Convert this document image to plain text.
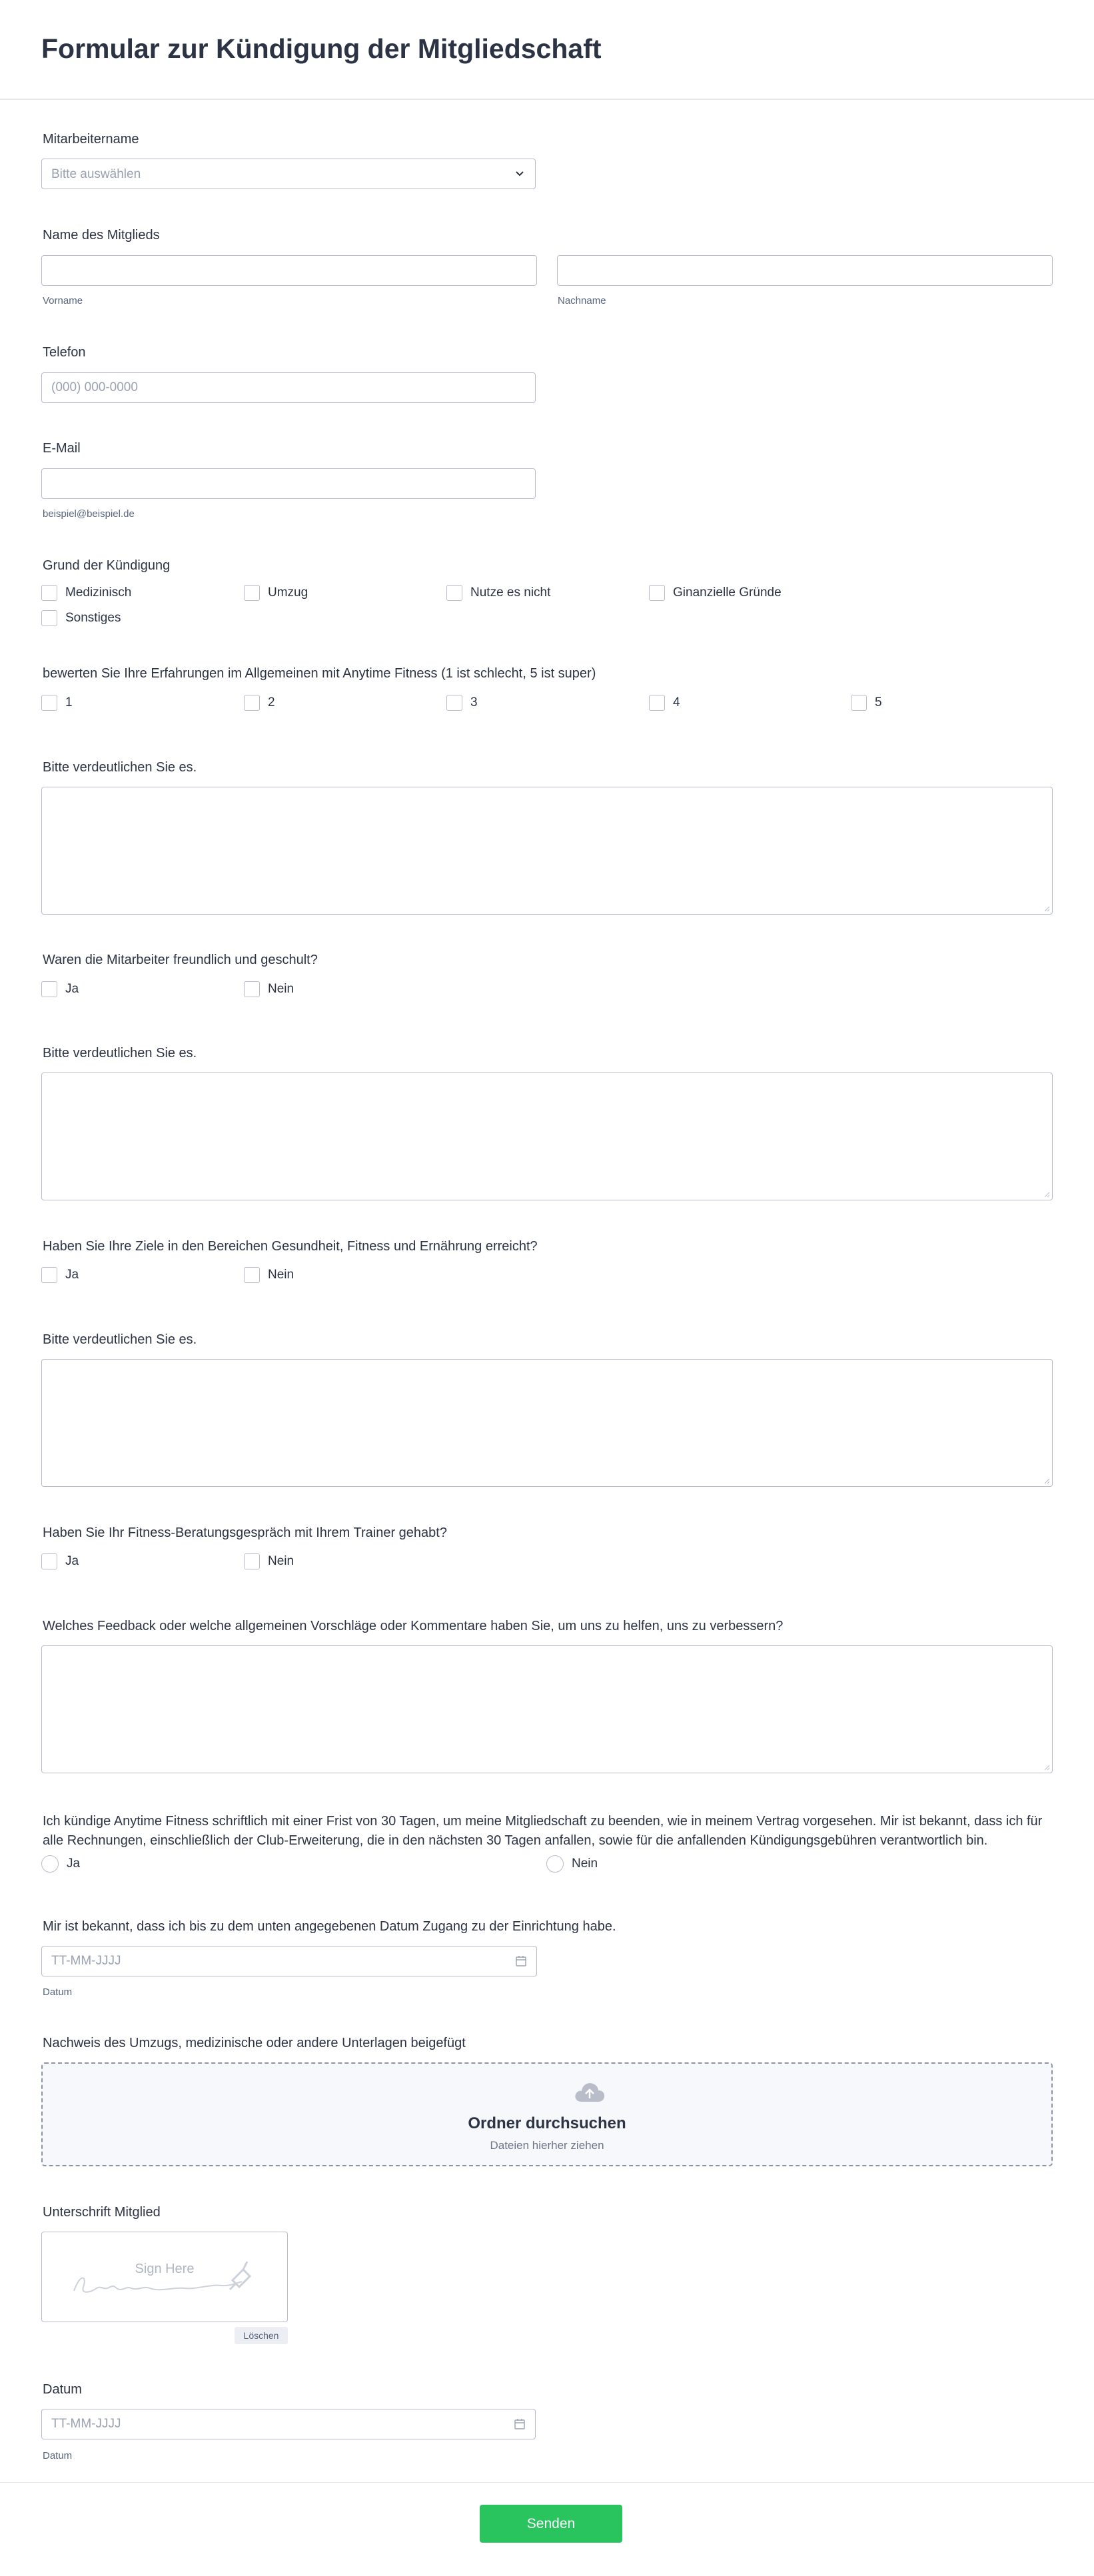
Formular zur Kündigung der Mitgliedschaft
Mitarbeitername
Bitte auswählen
Name des Mitglieds
Vorname	Nachname
Telefon
(000) 000-0000
E-Mail
beispiel@beispiel.de
Grund der Kündigung
Medizinisch	Umzug	Nutze es nicht	Ginanzielle Gründe
Sonstiges
bewerten Sie Ihre Erfahrungen im Allgemeinen mit Anytime Fitness (1 ist schlecht, 5 ist super)
1	2	3	4	5
Bitte verdeutlichen Sie es.
Waren die Mitarbeiter freundlich und geschult?
Ja	Nein
Bitte verdeutlichen Sie es.
Haben Sie Ihre Ziele in den Bereichen Gesundheit, Fitness und Ernährung erreicht?
Ja	Nein
Bitte verdeutlichen Sie es.
Haben Sie Ihr Fitness-Beratungsgespräch mit Ihrem Trainer gehabt?
Ja	Nein
Welches Feedback oder welche allgemeinen Vorschläge oder Kommentare haben Sie, um uns zu helfen, uns zu verbessern?
Ich kündige Anytime Fitness schriftlich mit einer Frist von 30 Tagen, um meine Mitgliedschaft zu beenden, wie in meinem Vertrag vorgesehen. Mir ist bekannt, dass ich für alle Rechnungen, einschließlich der Club-Erweiterung, die in den nächsten 30 Tagen anfallen, sowie für die anfallenden Kündigungsgebühren verantwortlich bin.
Ja	Nein
Mir ist bekannt, dass ich bis zu dem unten angegebenen Datum Zugang zu der Einrichtung habe.
TT-MM-JJJJ
Datum
Nachweis des Umzugs, medizinische oder andere Unterlagen beigefügt
Ordner durchsuchen
Dateien hierher ziehen
Unterschrift Mitglied
Sign Here
Löschen
Datum
TT-MM-JJJJ
Datum
Senden
